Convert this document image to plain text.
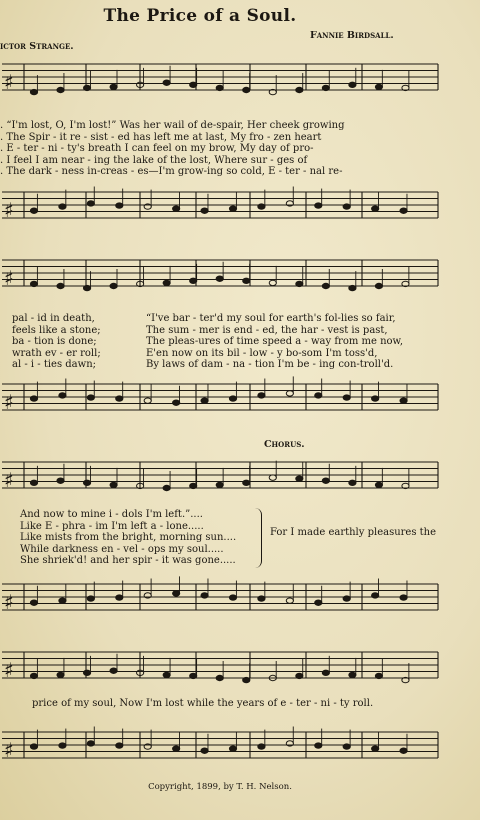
The Price of a Soul.
ictor Strange.
Fannie Birdsall.
♯
. “I'm lost, O, I'm lost!” Was her wail of de-spair, Her cheek growing
. The Spir - it re - sist - ed has left me at last, My fro - zen heart
. E - ter - ni - ty's breath I can feel on my brow, My day of pro-
. I feel I am near - ing the lake of the lost, Where sur - ges of
. The dark - ness in-creas - es—I'm grow-ing so cold, E - ter - nal re-
♯
♯
pal - id in death,
feels like a stone;
ba - tion is done;
wrath ev - er roll;
al - i - ties dawn;
“I've bar - ter'd my soul for earth's fol-lies so fair,
The sum - mer is end - ed, the har - vest is past,
The pleas-ures of time speed a - way from me now,
E'en now on its bil - low - y bo-som I'm toss'd,
By laws of dam - na - tion I'm be - ing con-troll'd.
♯
Chorus.
♯
And now to mine i - dols I'm left.”....
Like E - phra - im I'm left a - lone.....
Like mists from the bright, morning sun....
While darkness en - vel - ops my soul.....
She shriek'd! and her spir - it was gone.....
For I made earthly pleasures the
♯
♯
price of my soul, Now I'm lost while the years of e - ter - ni - ty roll.
♯
Copyright, 1899, by T. H. Nelson.
